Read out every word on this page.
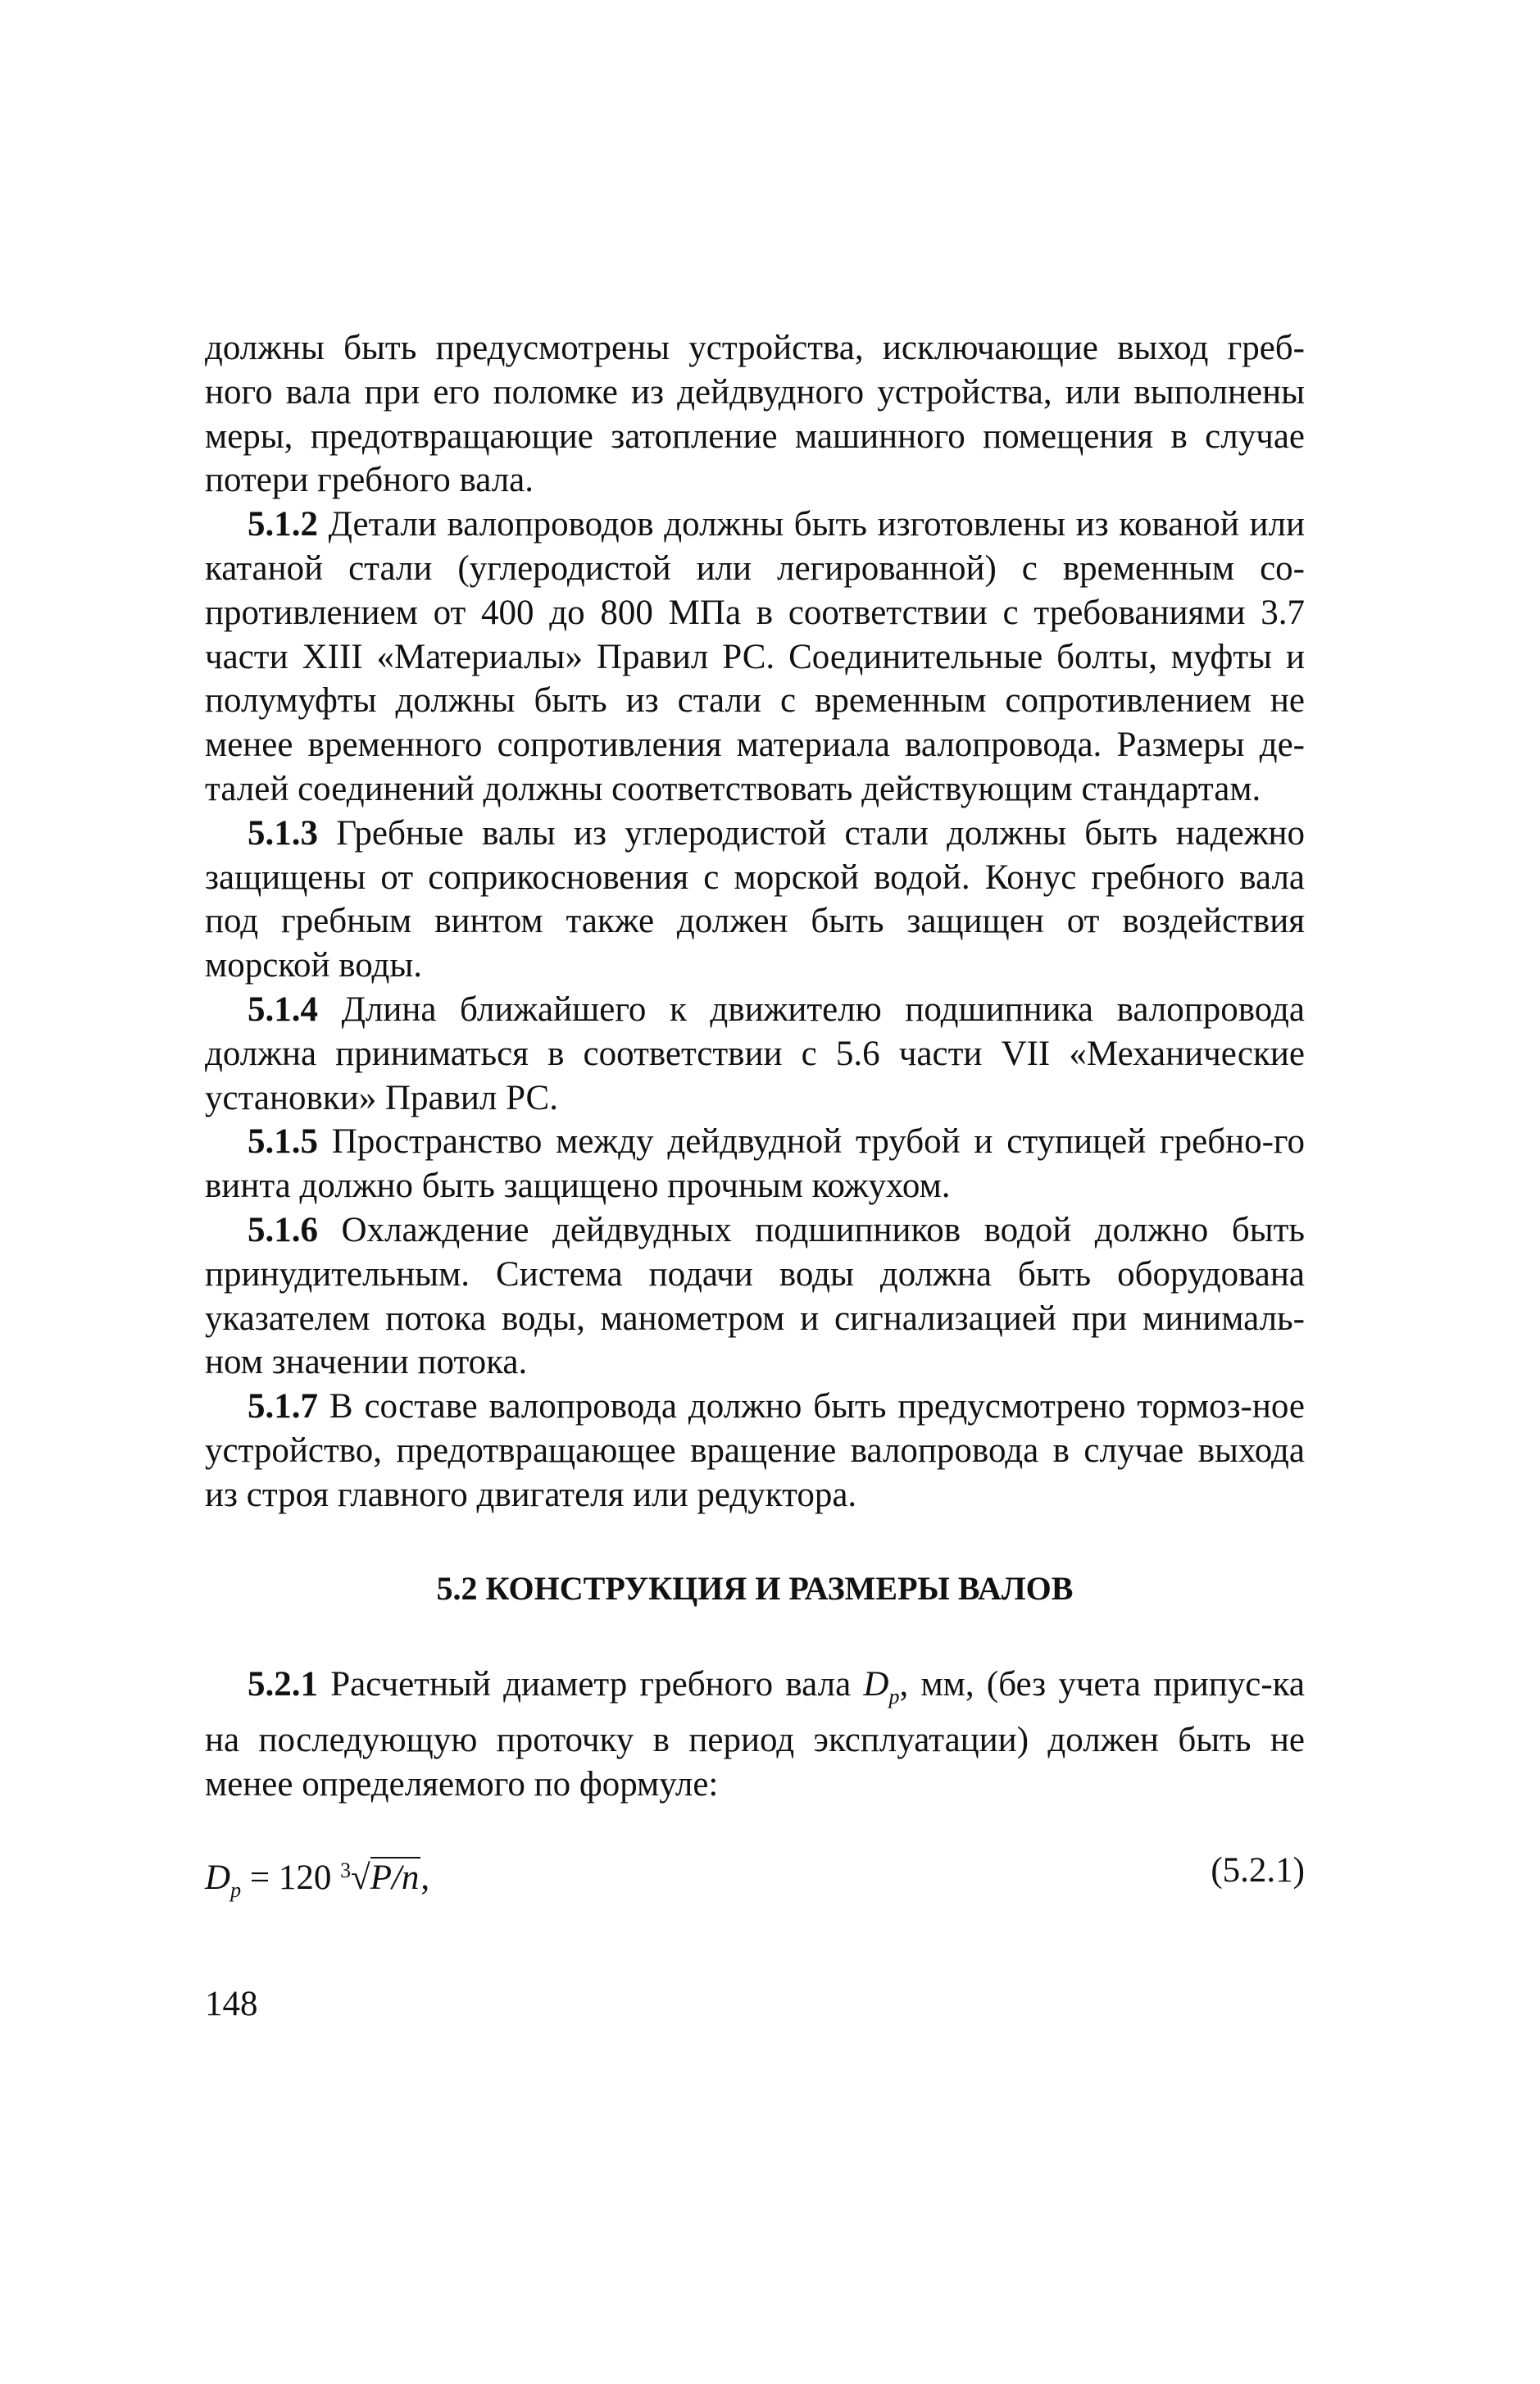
должны быть предусмотрены устройства, исключающие выход греб-ного вала при его поломке из дейдвудного устройства, или выполнены меры, предотвращающие затопление машинного помещения в случае потери гребного вала.

5.1.2 Детали валопроводов должны быть изготовлены из кованой или катаной стали (углеродистой или легированной) с временным со-противлением от 400 до 800 МПа в соответствии с требованиями 3.7 части XIII «Материалы» Правил РС. Соединительные болты, муфты и полумуфты должны быть из стали с временным сопротивлением не менее временного сопротивления материала валопровода. Размеры де-талей соединений должны соответствовать действующим стандартам.

5.1.3 Гребные валы из углеродистой стали должны быть надежно защищены от соприкосновения с морской водой. Конус гребного вала под гребным винтом также должен быть защищен от воздействия морской воды.

5.1.4 Длина ближайшего к движителю подшипника валопровода должна приниматься в соответствии с 5.6 части VII «Механические установки» Правил РС.

5.1.5 Пространство между дейдвудной трубой и ступицей гребно-го винта должно быть защищено прочным кожухом.

5.1.6 Охлаждение дейдвудных подшипников водой должно быть принудительным. Система подачи воды должна быть оборудована указателем потока воды, манометром и сигнализацией при минималь-ном значении потока.

5.1.7 В составе валопровода должно быть предусмотрено тормоз-ное устройство, предотвращающее вращение валопровода в случае выхода из строя главного двигателя или редуктора.

5.2 КОНСТРУКЦИЯ И РАЗМЕРЫ ВАЛОВ

5.2.1 Расчетный диаметр гребного вала $D_p$, мм, (без учета припус-ка на последующую проточку в период эксплуатации) должен быть не менее определяемого по формуле:

$D_p = 120$ $^3$√P/n,	(5.2.1)
148
